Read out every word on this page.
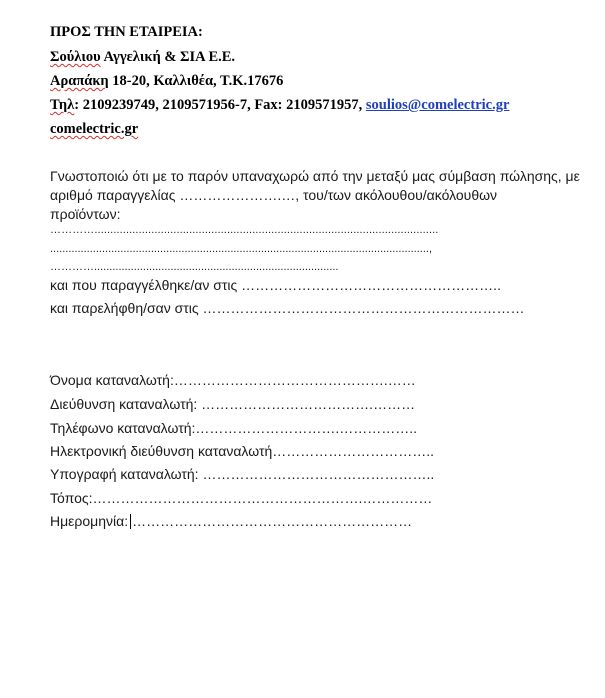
ΠΡΟΣ ΤΗΝ ΕΤΑΙΡΕΙΑ:
Σούλιου Αγγελική & ΣΙΑ Ε.Ε.
Αραπάκη 18-20, Καλλιθέα, Τ.Κ.17676
Τηλ: 2109239749, 2109571956-7, Fax: 2109571957, soulios@comelectric.gr
comelectric.gr
Γνωστοποιώ ότι με το παρόν υπαναχωρώ από την μεταξύ μας σύμβαση πώλησης, με
αριθμό παραγγελίας ………………….…, του/των ακόλουθου/ακόλουθων
προϊόντων:
………….............................................................................................................
............................................................................................................................,
…………................................................................................
και που παραγγέλθηκε/αν στις ………………………………………………..
και παρελήφθη/σαν στις ……………………………………………………………
Όνομα καταναλωτή:……………………………………….……
Διεύθυνση καταναλωτή: ……………………………….………
Τηλέφωνο καταναλωτή:………………………….……………..
Ηλεκτρονική διεύθυνση καταναλωτή……………………………..
Υπογραφή καταναλωτή: …………………………………………..
Τόπος:………………………………………………….……………
Ημερομηνία: ……………………………………………………
